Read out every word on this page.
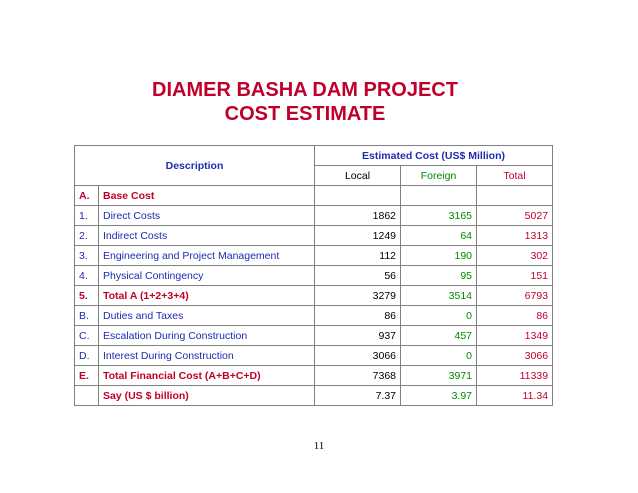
DIAMER BASHA DAM PROJECT
COST ESTIMATE
Description		Estimated Cost (US$ Million)		
		Local	Foreign	Total
A.	Base Cost			
1.	Direct Costs	1862	3165	5027
2.	Indirect Costs	1249	64	1313
3.	Engineering and Project Management	112	190	302
4.	Physical Contingency	56	95	151
5.	Total A (1+2+3+4)	3279	3514	6793
B.	Duties and Taxes	86	0	86
C.	Escalation During Construction	937	457	1349
D.	Interest During Construction	3066	0	3066
E.	Total Financial Cost (A+B+C+D)	7368	3971	11339
	Say (US $ billion)	7.37	3.97	11.34
11
